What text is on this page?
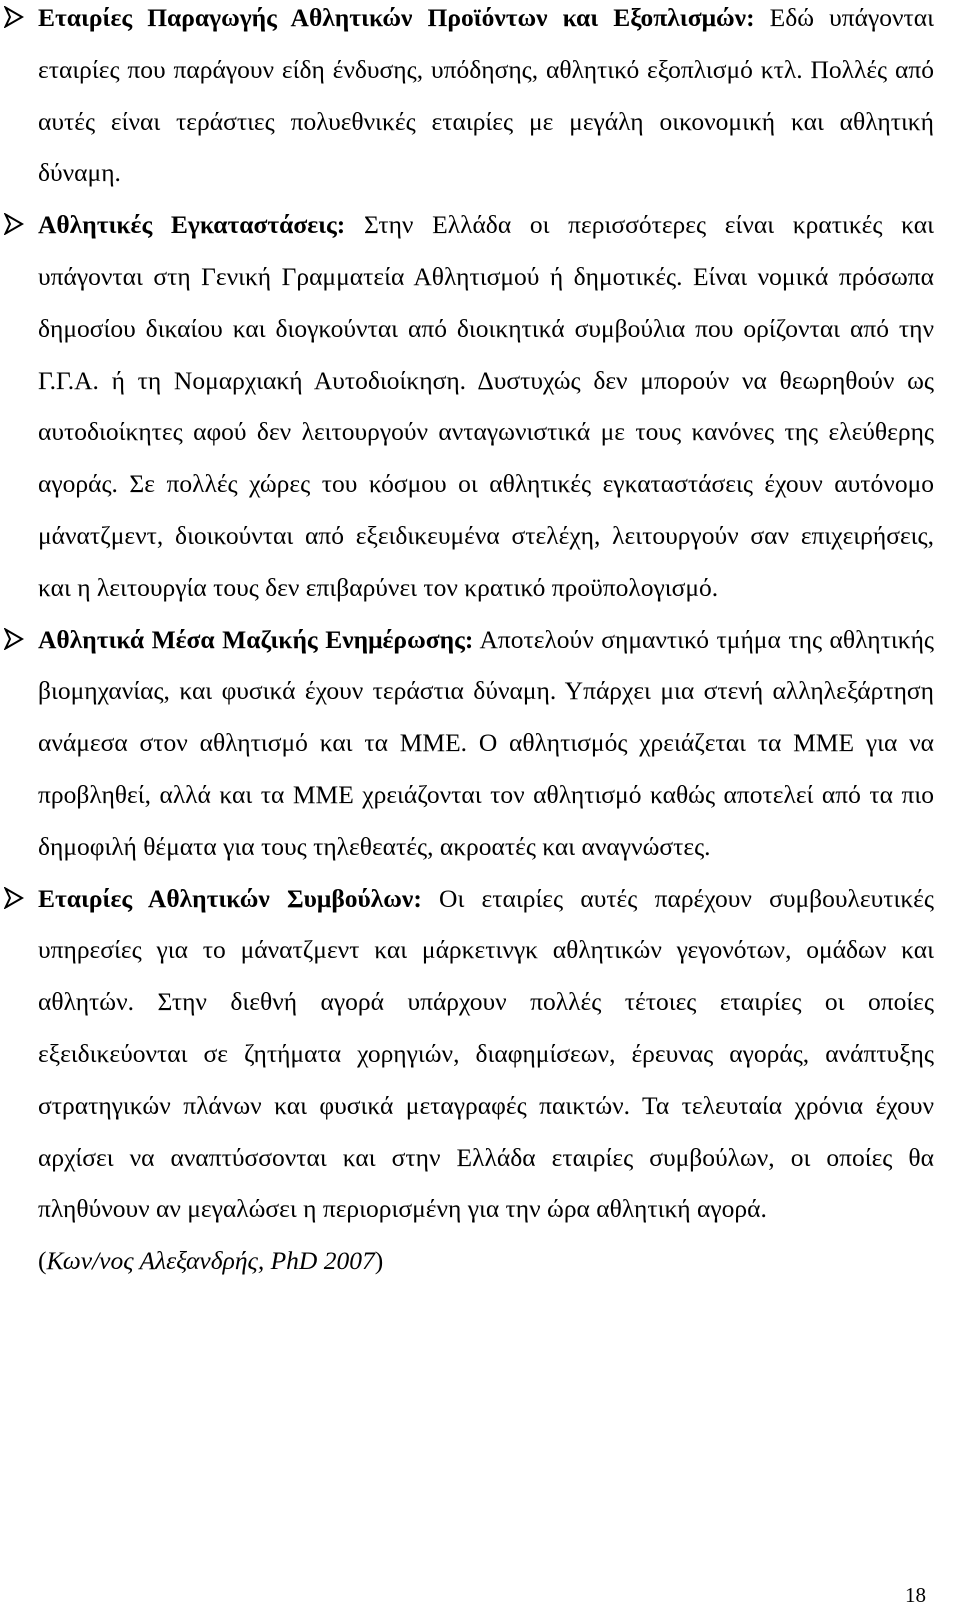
Εταιρίες Παραγωγής Αθλητικών Προϊόντων και Εξοπλισμών: Εδώ υπάγονται εταιρίες που παράγουν είδη ένδυσης, υπόδησης, αθλητικό εξοπλισμό κτλ. Πολλές από αυτές είναι τεράστιες πολυεθνικές εταιρίες με μεγάλη οικονομική και αθλητική δύναμη.
Αθλητικές Εγκαταστάσεις: Στην Ελλάδα οι περισσότερες είναι κρατικές και υπάγονται στη Γενική Γραμματεία Αθλητισμού ή δημοτικές. Είναι νομικά πρόσωπα δημοσίου δικαίου και διογκούνται από διοικητικά συμβούλια που ορίζονται από την Γ.Γ.Α. ή τη Νομαρχιακή Αυτοδιοίκηση. Δυστυχώς δεν μπορούν να θεωρηθούν ως αυτοδιοίκητες αφού δεν λειτουργούν ανταγωνιστικά με τους κανόνες της ελεύθερης αγοράς. Σε πολλές χώρες του κόσμου οι αθλητικές εγκαταστάσεις έχουν αυτόνομο μάνατζμεντ, διοικούνται από εξειδικευμένα στελέχη, λειτουργούν σαν επιχειρήσεις, και η λειτουργία τους δεν επιβαρύνει τον κρατικό προϋπολογισμό.
Αθλητικά Μέσα Μαζικής Ενημέρωσης: Αποτελούν σημαντικό τμήμα της αθλητικής βιομηχανίας, και φυσικά έχουν τεράστια δύναμη. Υπάρχει μια στενή αλληλεξάρτηση ανάμεσα στον αθλητισμό και τα ΜΜΕ. Ο αθλητισμός χρειάζεται τα ΜΜΕ για να προβληθεί, αλλά και τα ΜΜΕ χρειάζονται τον αθλητισμό καθώς αποτελεί από τα πιο δημοφιλή θέματα για τους τηλεθεατές, ακροατές και αναγνώστες.
Εταιρίες Αθλητικών Συμβούλων: Οι εταιρίες αυτές παρέχουν συμβουλευτικές υπηρεσίες για το μάνατζμεντ και μάρκετινγκ αθλητικών γεγονότων, ομάδων και αθλητών. Στην διεθνή αγορά υπάρχουν πολλές τέτοιες εταιρίες οι οποίες εξειδικεύονται σε ζητήματα χορηγιών, διαφημίσεων, έρευνας αγοράς, ανάπτυξης στρατηγικών πλάνων και φυσικά μεταγραφές παικτών. Τα τελευταία χρόνια έχουν αρχίσει να αναπτύσσονται και στην Ελλάδα εταιρίες συμβούλων, οι οποίες θα πληθύνουν αν μεγαλώσει η περιορισμένη για την ώρα αθλητική αγορά.
(Κων/νος Αλεξανδρής, PhD 2007)
18
